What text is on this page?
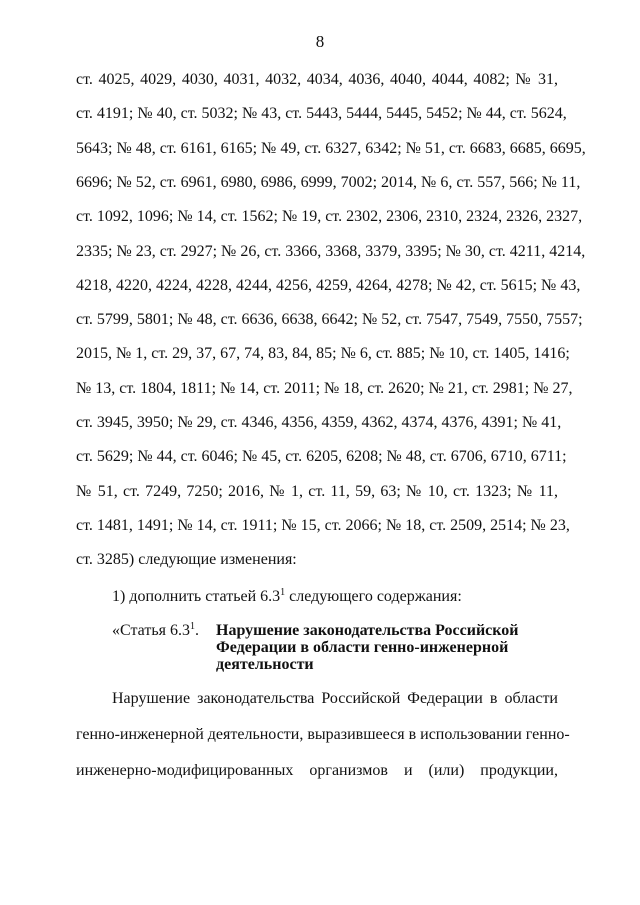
8
ст. 4025, 4029, 4030, 4031, 4032, 4034, 4036, 4040, 4044, 4082; № 31,
ст. 4191; № 40, ст. 5032; № 43, ст. 5443, 5444, 5445, 5452; № 44, ст. 5624,
5643; № 48, ст. 6161, 6165; № 49, ст. 6327, 6342; № 51, ст. 6683, 6685, 6695,
6696; № 52, ст. 6961, 6980, 6986, 6999, 7002; 2014, № 6, ст. 557, 566; № 11,
ст. 1092, 1096; № 14, ст. 1562; № 19, ст. 2302, 2306, 2310, 2324, 2326, 2327,
2335; № 23, ст. 2927; № 26, ст. 3366, 3368, 3379, 3395; № 30, ст. 4211, 4214,
4218, 4220, 4224, 4228, 4244, 4256, 4259, 4264, 4278; № 42, ст. 5615; № 43,
ст. 5799, 5801; № 48, ст. 6636, 6638, 6642; № 52, ст. 7547, 7549, 7550, 7557;
2015, № 1, ст. 29, 37, 67, 74, 83, 84, 85; № 6, ст. 885; № 10, ст. 1405, 1416;
№ 13, ст. 1804, 1811; № 14, ст. 2011; № 18, ст. 2620; № 21, ст. 2981; № 27,
ст. 3945, 3950; № 29, ст. 4346, 4356, 4359, 4362, 4374, 4376, 4391; № 41,
ст. 5629; № 44, ст. 6046; № 45, ст. 6205, 6208; № 48, ст. 6706, 6710, 6711;
№ 51, ст. 7249, 7250; 2016, № 1, ст. 11, 59, 63; № 10, ст. 1323; № 11,
ст. 1481, 1491; № 14, ст. 1911; № 15, ст. 2066; № 18, ст. 2509, 2514; № 23,
ст. 3285) следующие изменения:
1) дополнить статьей $6.3^1$ следующего содержания:
«Статья $6.3^1$. Нарушение законодательства Российской
Федерации в области генно-инженерной
деятельности
Нарушение законодательства Российской Федерации в области
генно-инженерной деятельности, выразившееся в использовании генно-
инженерно-модифицированных организмов и (или) продукции,
